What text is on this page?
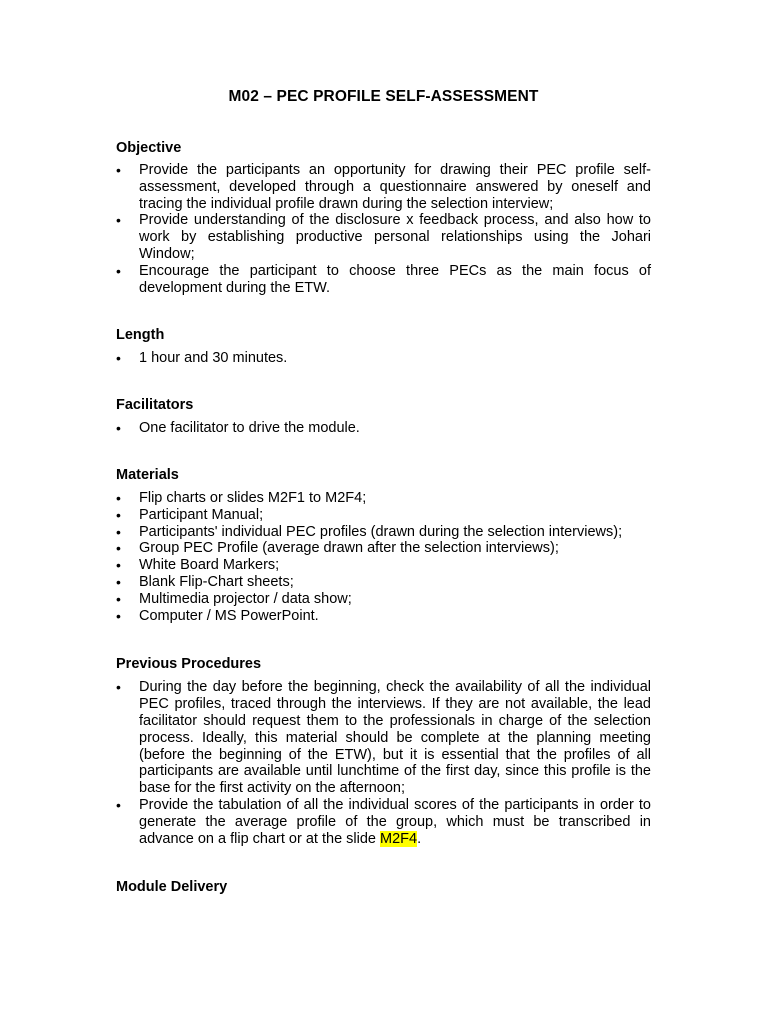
M02 – PEC PROFILE SELF-ASSESSMENT
Objective
•	Provide the participants an opportunity for drawing their PEC profile self-assessment, developed through a questionnaire answered by oneself and tracing the individual profile drawn during the selection interview;
•	Provide understanding of the disclosure x feedback process, and also how to work by establishing productive personal relationships using the Johari Window;
•	Encourage the participant to choose three PECs as the main focus of development during the ETW.
Length
•	1 hour and 30 minutes.
Facilitators
•	One facilitator to drive the module.
Materials
•	Flip charts or slides M2F1 to M2F4;
•	Participant Manual;
•	Participants' individual PEC profiles (drawn during the selection interviews);
•	Group PEC Profile (average drawn after the selection interviews);
•	White Board Markers;
•	Blank Flip-Chart sheets;
•	Multimedia projector / data show;
•	Computer / MS PowerPoint.
Previous Procedures
•	During the day before the beginning, check the availability of all the individual PEC profiles, traced through the interviews. If they are not available, the lead facilitator should request them to the professionals in charge of the selection process. Ideally, this material should be complete at the planning meeting (before the beginning of the ETW), but it is essential that the profiles of all participants are available until lunchtime of the first day, since this profile is the base for the first activity on the afternoon;
•	Provide the tabulation of all the individual scores of the participants in order to generate the average profile of the group, which must be transcribed in advance on a flip chart or at the slide M2F4.
Module Delivery
